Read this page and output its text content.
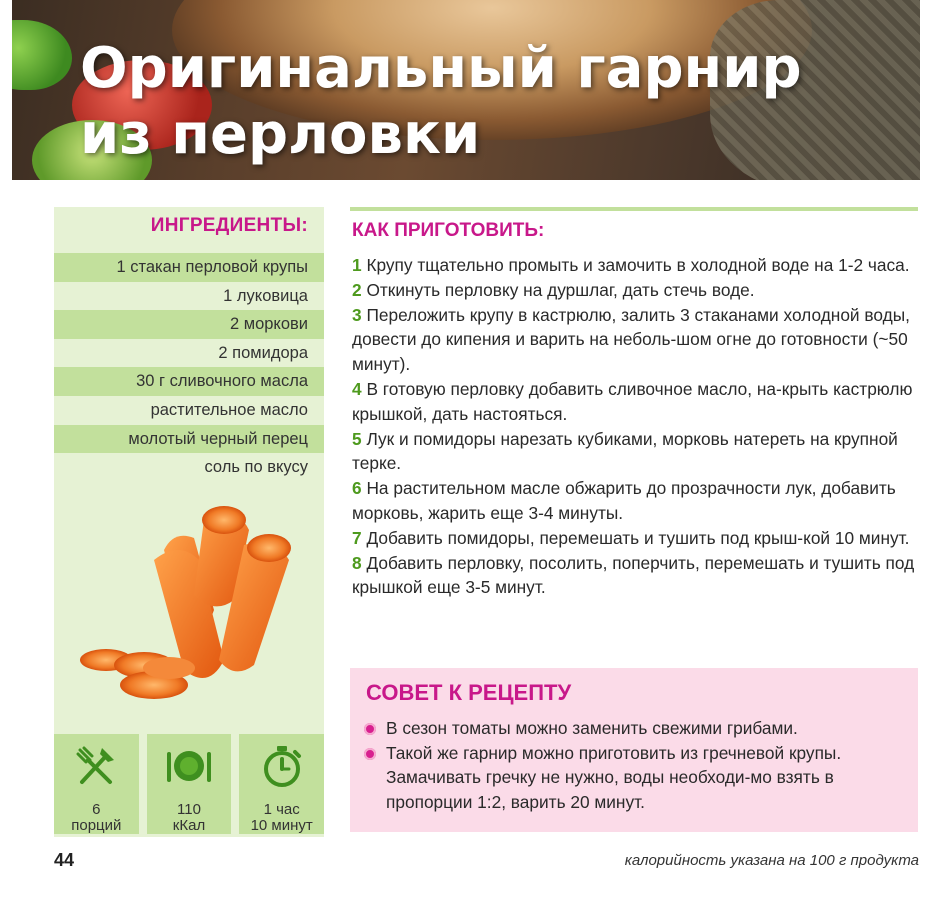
Оригинальный гарнир
из перловки
ИНГРЕДИЕНТЫ:
1 стакан перловой крупы
1 луковица
2 моркови
2 помидора
30 г сливочного масла
растительное масло
молотый черный перец
соль по вкусу
6
порций
110
кКал
1 час
10 минут
КАК ПРИГОТОВИТЬ:

1 Крупу тщательно промыть и замочить в холодной воде на 1-2 часа.

2 Откинуть перловку на дуршлаг, дать стечь воде.

3 Переложить крупу в кастрюлю, залить 3 стаканами холодной воды, довести до кипения и варить на неболь-шом огне до готовности (~50 минут).

4 В готовую перловку добавить сливочное масло, на-крыть кастрюлю крышкой, дать настояться.

5 Лук и помидоры нарезать кубиками, морковь натереть на крупной терке.

6 На растительном масле обжарить до прозрачности лук, добавить морковь, жарить еще 3-4 минуты.

7 Добавить помидоры, перемешать и тушить под крыш-кой 10 минут.

8 Добавить перловку, посолить, поперчить, перемешать и тушить под крышкой еще 3-5 минут.

СОВЕТ К РЕЦЕПТУ
В сезон томаты можно заменить свежими грибами.
Такой же гарнир можно приготовить из гречневой крупы. Замачивать гречку не нужно, воды необходи-мо взять в пропорции 1:2, варить 20 минут.
44	калорийность указана на 100 г продукта
